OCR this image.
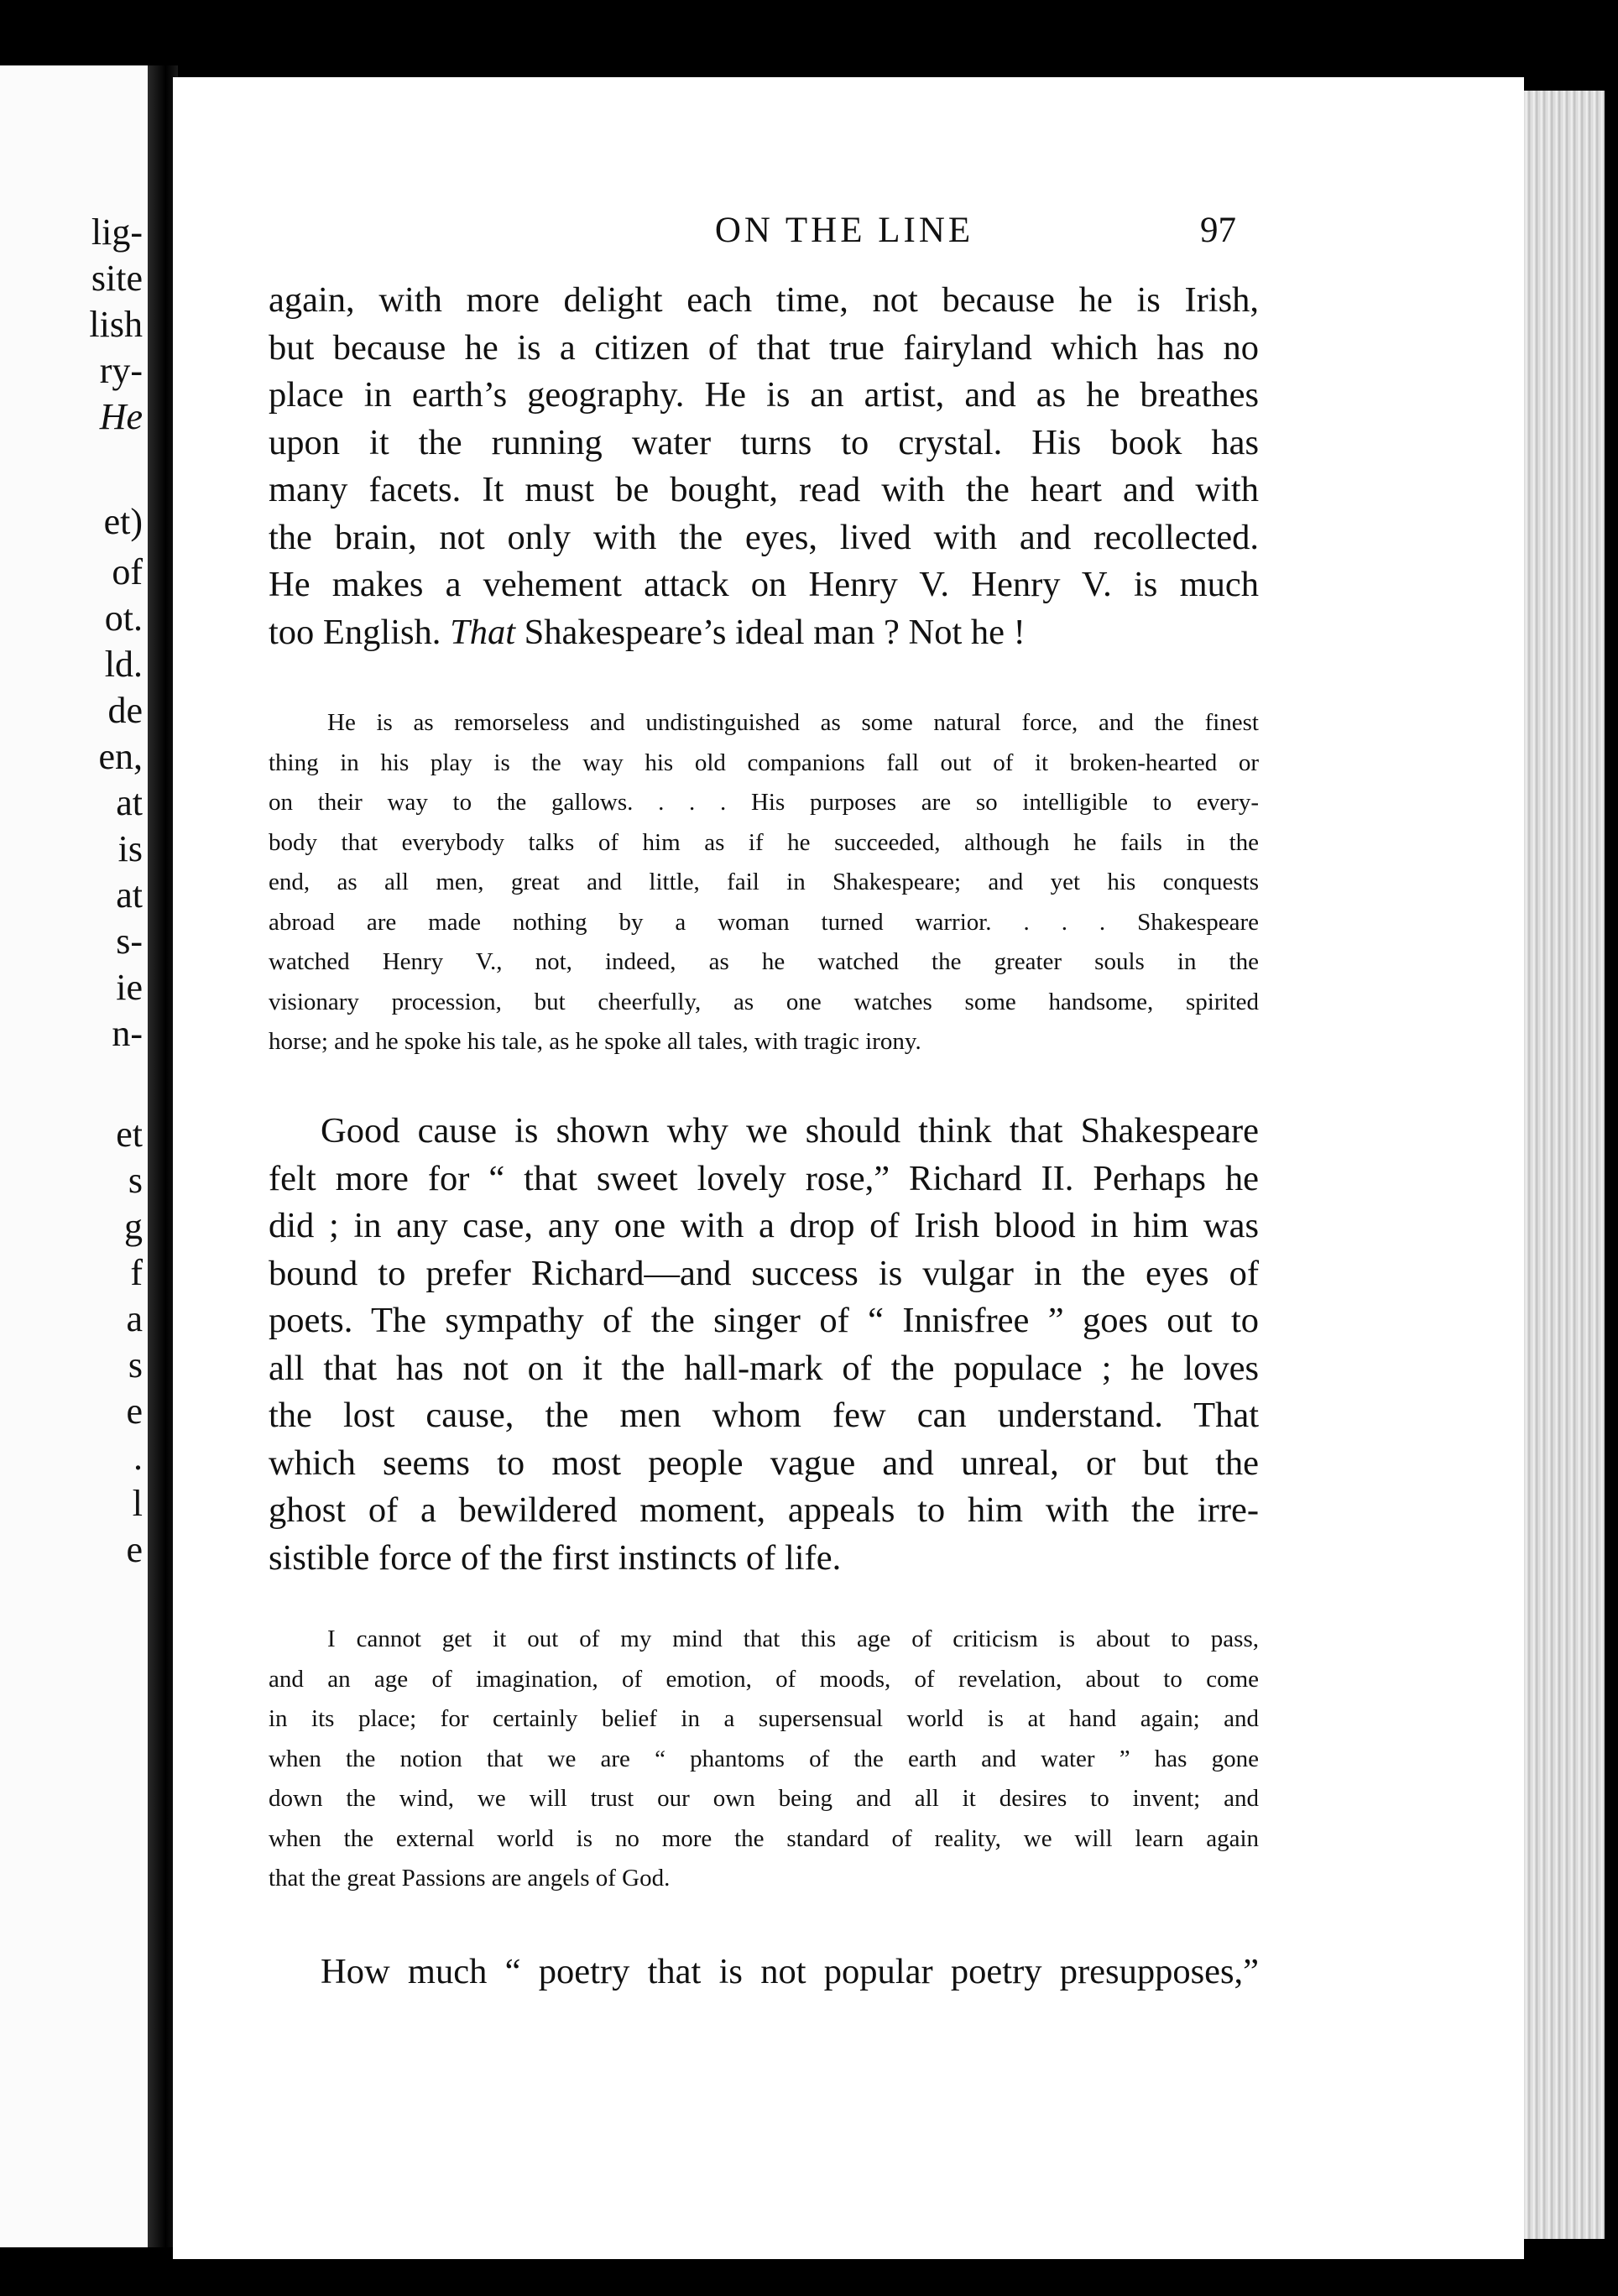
lig-
site
lish
ry-
He
et)
of
ot.
ld.
de
en,
at
is
at
s-
ie
n-
et
s
g
f
a
s
e
.
l
e
ON THE LINE	97
again, with more delight each time, not because he is Irish,
but because he is a citizen of that true fairyland which has no
place in earth’s geography. He is an artist, and as he breathes
upon it the running water turns to crystal. His book has
many facets. It must be bought, read with the heart and with
the brain, not only with the eyes, lived with and recollected.
He makes a vehement attack on Henry V. Henry V. is much
too English. That Shakespeare’s ideal man ? Not he !
He is as remorseless and undistinguished as some natural force, and the finest
thing in his play is the way his old companions fall out of it broken-hearted or
on their way to the gallows. . . . His purposes are so intelligible to every-
body that everybody talks of him as if he succeeded, although he fails in the
end, as all men, great and little, fail in Shakespeare; and yet his conquests
abroad are made nothing by a woman turned warrior. . . . Shakespeare
watched Henry V., not, indeed, as he watched the greater souls in the
visionary procession, but cheerfully, as one watches some handsome, spirited
horse; and he spoke his tale, as he spoke all tales, with tragic irony.
Good cause is shown why we should think that Shakespeare
felt more for “ that sweet lovely rose,” Richard II. Perhaps he
did ; in any case, any one with a drop of Irish blood in him was
bound to prefer Richard—and success is vulgar in the eyes of
poets. The sympathy of the singer of “ Innisfree ” goes out to
all that has not on it the hall-mark of the populace ; he loves
the lost cause, the men whom few can understand. That
which seems to most people vague and unreal, or but the
ghost of a bewildered moment, appeals to him with the irre-
sistible force of the first instincts of life.
I cannot get it out of my mind that this age of criticism is about to pass,
and an age of imagination, of emotion, of moods, of revelation, about to come
in its place; for certainly belief in a supersensual world is at hand again; and
when the notion that we are “ phantoms of the earth and water ” has gone
down the wind, we will trust our own being and all it desires to invent; and
when the external world is no more the standard of reality, we will learn again
that the great Passions are angels of God.
How much “ poetry that is not popular poetry presupposes,”
